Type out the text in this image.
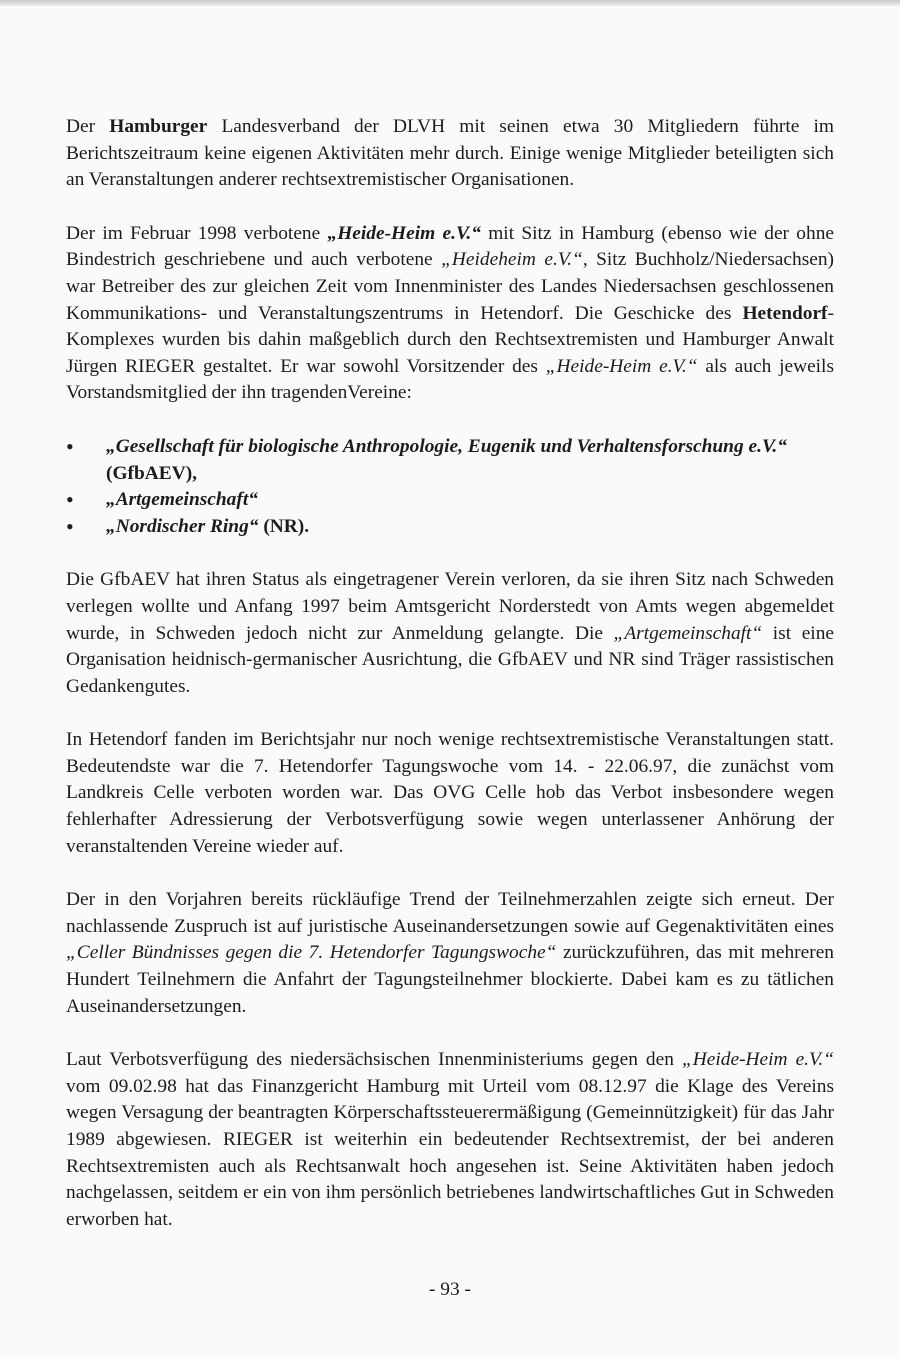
Der Hamburger Landesverband der DLVH mit seinen etwa 30 Mitgliedern führte im Berichtszeitraum keine eigenen Aktivitäten mehr durch. Einige wenige Mitglieder beteiligten sich an Veranstaltungen anderer rechtsextremistischer Organisationen.

Der im Februar 1998 verbotene „Heide-Heim e.V.“ mit Sitz in Hamburg (ebenso wie der ohne Bindestrich geschriebene und auch verbotene „Heideheim e.V.“, Sitz Buchholz/Niedersachsen) war Betreiber des zur gleichen Zeit vom Innenminister des Landes Niedersachsen geschlossenen Kommunikations- und Veranstaltungszentrums in Hetendorf. Die Geschicke des Hetendorf-Komplexes wurden bis dahin maßgeblich durch den Rechtsextremisten und Hamburger Anwalt Jürgen RIEGER gestaltet. Er war sowohl Vorsitzender des „Heide-Heim e.V.“ als auch jeweils Vorstandsmitglied der ihn tragendenVereine:

• „Gesellschaft für biologische Anthropologie, Eugenik und Verhaltensforschung e.V.“ (GfbAEV),
• „Artgemeinschaft“
• „Nordischer Ring“ (NR).

Die GfbAEV hat ihren Status als eingetragener Verein verloren, da sie ihren Sitz nach Schweden verlegen wollte und Anfang 1997 beim Amtsgericht Norderstedt von Amts wegen abgemeldet wurde, in Schweden jedoch nicht zur Anmeldung gelangte. Die „Artgemeinschaft“ ist eine Organisation heidnisch-germanischer Ausrichtung, die GfbAEV und NR sind Träger rassistischen Gedankengutes.

In Hetendorf fanden im Berichtsjahr nur noch wenige rechtsextremistische Veranstaltungen statt. Bedeutendste war die 7. Hetendorfer Tagungswoche vom 14. - 22.06.97, die zunächst vom Landkreis Celle verboten worden war. Das OVG Celle hob das Verbot insbesondere wegen fehlerhafter Adressierung der Verbotsverfügung sowie wegen unterlassener Anhörung der veranstaltenden Vereine wieder auf.

Der in den Vorjahren bereits rückläufige Trend der Teilnehmerzahlen zeigte sich erneut. Der nachlassende Zuspruch ist auf juristische Auseinandersetzungen sowie auf Gegenaktivitäten eines „Celler Bündnisses gegen die 7. Hetendorfer Tagungswoche“ zurückzuführen, das mit mehreren Hundert Teilnehmern die Anfahrt der Tagungsteilnehmer blockierte. Dabei kam es zu tätlichen Auseinandersetzungen.

Laut Verbotsverfügung des niedersächsischen Innenministeriums gegen den „Heide-Heim e.V.“ vom 09.02.98 hat das Finanzgericht Hamburg mit Urteil vom 08.12.97 die Klage des Vereins wegen Versagung der beantragten Körperschaftssteuerermäßigung (Gemeinnützigkeit) für das Jahr 1989 abgewiesen. RIEGER ist weiterhin ein bedeutender Rechtsextremist, der bei anderen Rechtsextremisten auch als Rechtsanwalt hoch angesehen ist. Seine Aktivitäten haben jedoch nachgelassen, seitdem er ein von ihm persönlich betriebenes landwirtschaftliches Gut in Schweden erworben hat.

- 93 -
